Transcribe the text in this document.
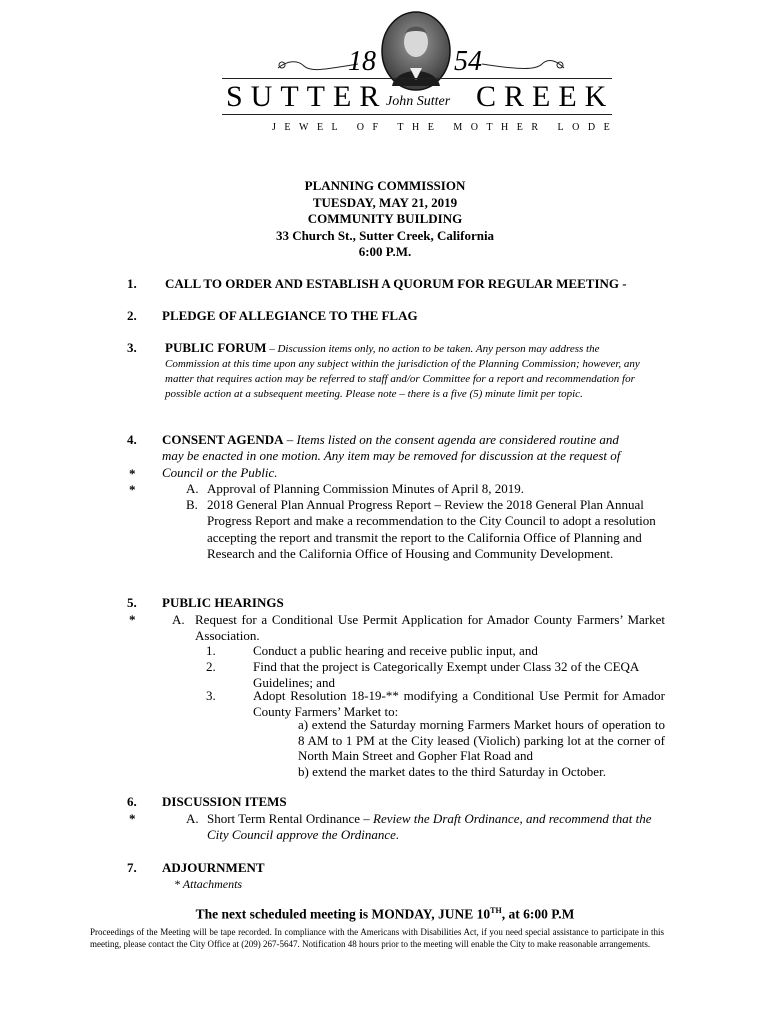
18	54
SUTTER
John Sutter CREEK
JEWEL OF THE MOTHER LODE
PLANNING COMMISSION
TUESDAY, MAY 21, 2019
COMMUNITY BUILDING
33 Church St., Sutter Creek, California
6:00 P.M.
1. CALL TO ORDER AND ESTABLISH A QUORUM FOR REGULAR MEETING -
2. PLEDGE OF ALLEGIANCE TO THE FLAG
3. PUBLIC FORUM – Discussion items only, no action to be taken. Any person may address the
Commission at this time upon any subject within the jurisdiction of the Planning Commission; however, any matter that requires action may be referred to staff and/or Committee for a report and recommendation for possible action at a subsequent meeting. Please note – there is a five (5) minute limit per topic.
4.
*
*
CONSENT AGENDA – Items listed on the consent agenda are considered routine and
may be enacted in one motion. Any item may be removed for discussion at the request of
Council or the Public.
A. Approval of Planning Commission Minutes of April 8, 2019.
B. 2018 General Plan Annual Progress Report – Review the 2018 General Plan Annual Progress Report and make a recommendation to the City Council to adopt a resolution accepting the report and transmit the report to the California Office of Planning and Research and the California Office of Housing and Community Development.
5.
*
PUBLIC HEARINGS
A. Request for a Conditional Use Permit Application for Amador County Farmers’ Market Association.
1.	Conduct a public hearing and receive public input, and
2.	Find that the project is Categorically Exempt under Class 32 of the CEQA Guidelines; and
3.	Adopt Resolution 18-19-** modifying a Conditional Use Permit for Amador County Farmers’ Market to:
a) extend the Saturday morning Farmers Market hours of operation to 8 AM to 1 PM at the City leased (Violich) parking lot at the corner of North Main Street and Gopher Flat Road and
b) extend the market dates to the third Saturday in October.
6.
*
DISCUSSION ITEMS
A. Short Term Rental Ordinance – Review the Draft Ordinance, and recommend that the City Council approve the Ordinance.
7. ADJOURNMENT
* Attachments
The next scheduled meeting is MONDAY, JUNE 10TH, at 6:00 P.M
Proceedings of the Meeting will be tape recorded. In compliance with the Americans with Disabilities Act, if you need special assistance to participate in this meeting, please contact the City Office at (209) 267-5647. Notification 48 hours prior to the meeting will enable the City to make reasonable arrangements.
